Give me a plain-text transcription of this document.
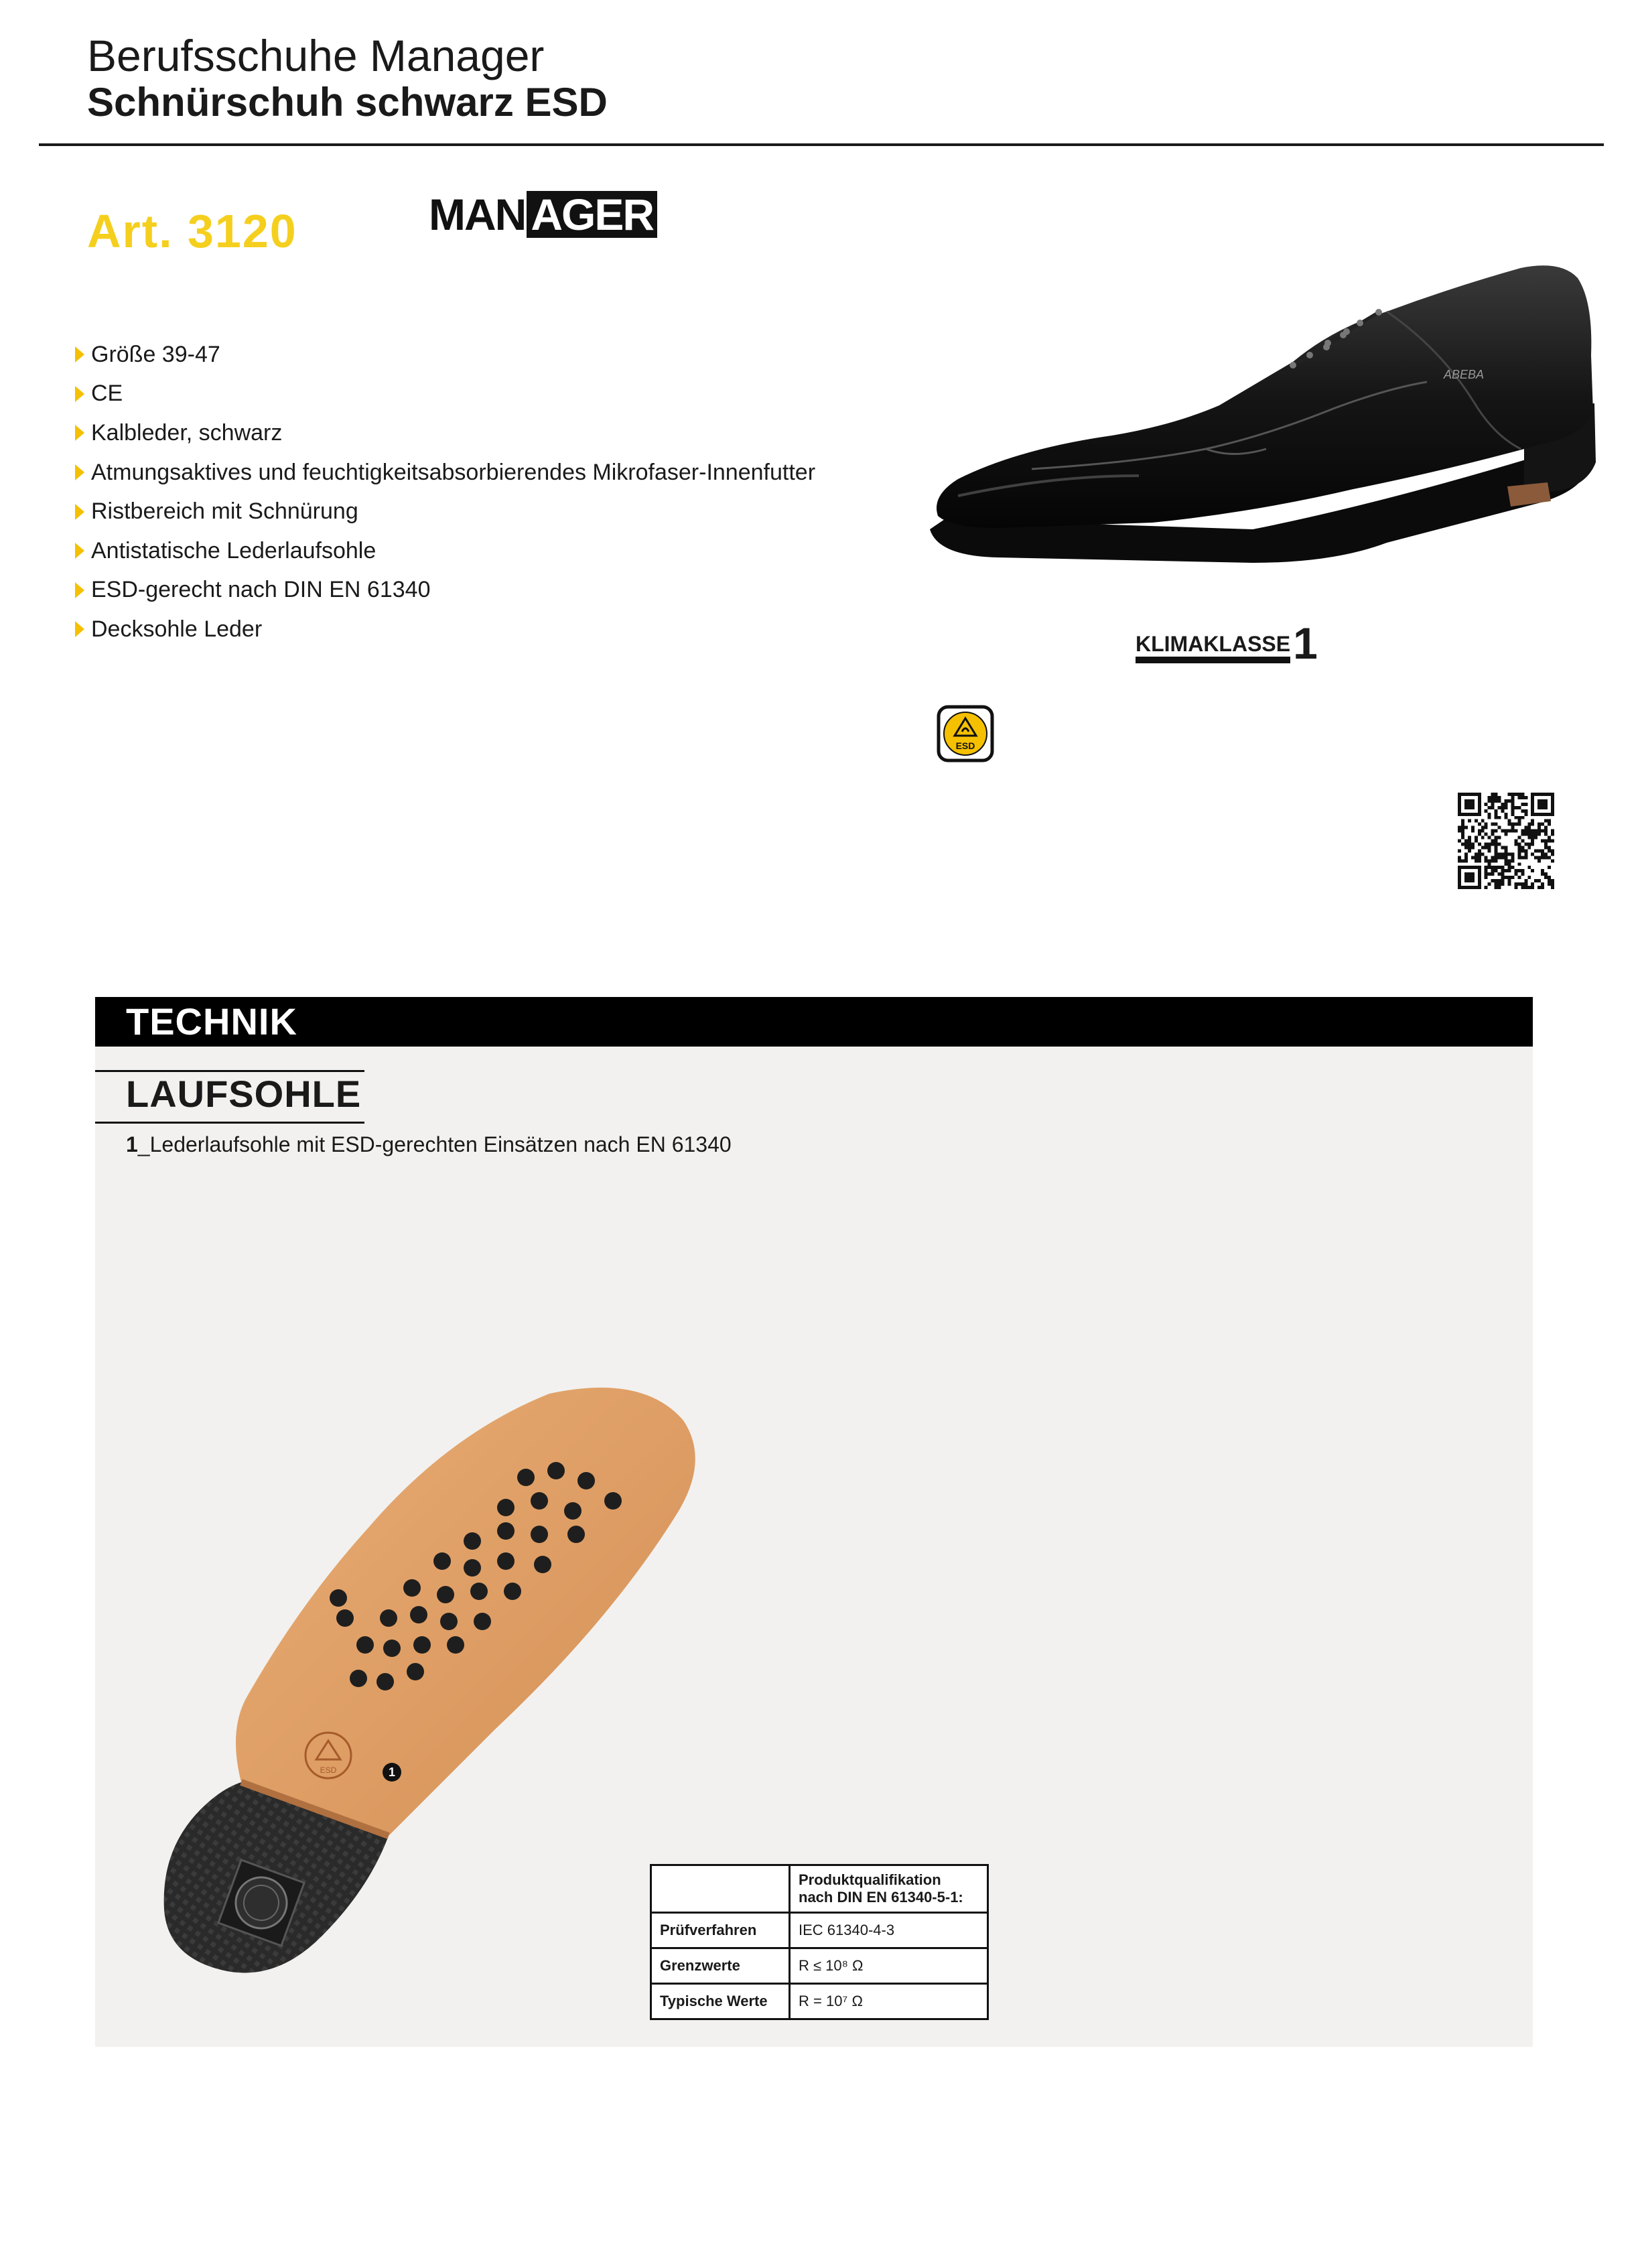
Berufsschuhe Manager
Schnürschuh schwarz ESD
Art. 3120	MAN AGER
Größe 39-47
CE
Kalbleder, schwarz
Atmungsaktives und feuchtigkeitsabsorbierendes Mikrofaser-Innenfutter
Ristbereich mit Schnürung
Antistatische Lederlaufsohle
ESD-gerecht nach DIN EN 61340
Decksohle Leder
ABEBA
KLIMAKLASSE 1
ESD
TECHNIK
LAUFSOHLE
1_Lederlaufsohle mit ESD-gerechten Einsätzen nach EN 61340
ESD	1
	Produktqualifikation nach DIN EN 61340-5-1:
Prüfverfahren	IEC 61340-4-3
Grenzwerte	R ≤ 10⁸ Ω
Typische Werte	R = 10⁷ Ω
